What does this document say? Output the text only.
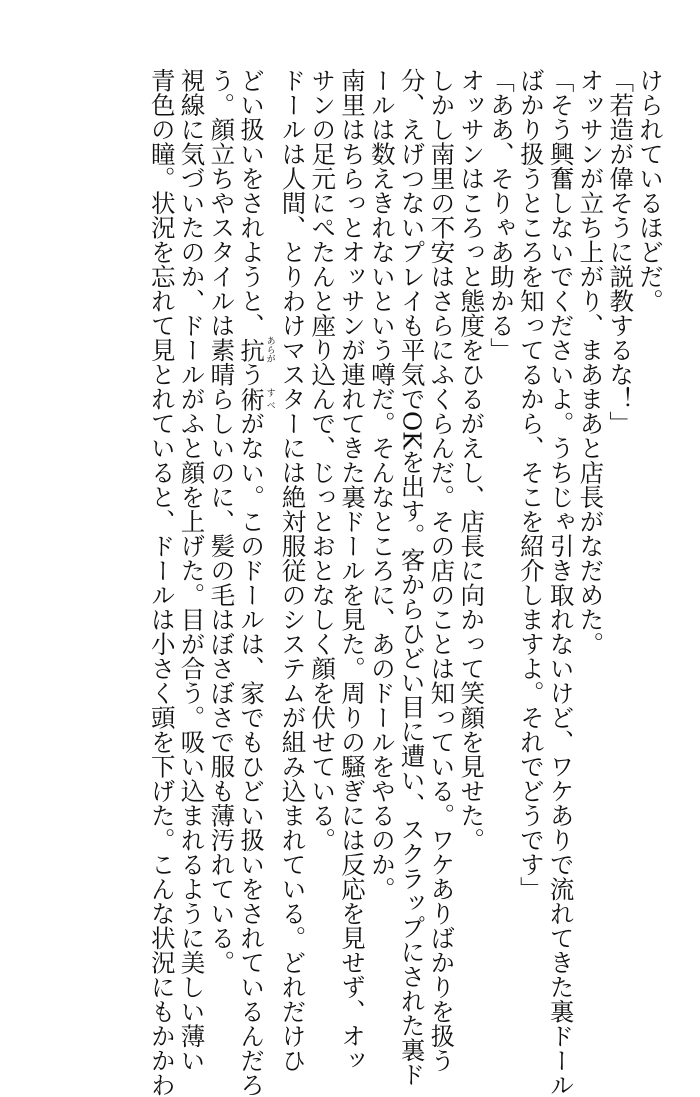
けられているほどだ。
「若造が偉そうに説教するな！」
オッサンが立ち上がり、まあまあと店長がなだめた。
「そう興奮しないでくださいよ。うちじゃ引き取れないけど、ワケありで流れてきた裏ドール
ばかり扱うところを知ってるから、そこを紹介しますよ。それでどうです」
「ああ、そりゃあ助かる」
オッサンはころっと態度をひるがえし、店長に向かって笑顔を見せた。
しかし南里の不安はさらにふくらんだ。その店のことは知っている。ワケありばかりを扱う
分、えげつないプレイも平気でOKを出す。客からひどい目に遭い、スクラップにされた裏ド
ールは数えきれないという噂だ。そんなところに、あのドールをやるのか。
南里はちらっとオッサンが連れてきた裏ドールを見た。周りの騒ぎには反応を見せず、オッ
サンの足元にぺたんと座り込んで、じっとおとなしく顔を伏せている。
ドールは人間、とりわけマスターには絶対服従のシステムが組み込まれている。どれだけひ
どい扱いをされようと、抗あらがう術すべがない。このドールは、家でもひどい扱いをされているんだろ
う。顔立ちやスタイルは素晴らしいのに、髪の毛はぼさぼさで服も薄汚れている。
視線に気づいたのか、ドールがふと顔を上げた。目が合う。吸い込まれるように美しい薄い
青色の瞳。状況を忘れて見とれていると、ドールは小さく頭を下げた。こんな状況にもかかわ
